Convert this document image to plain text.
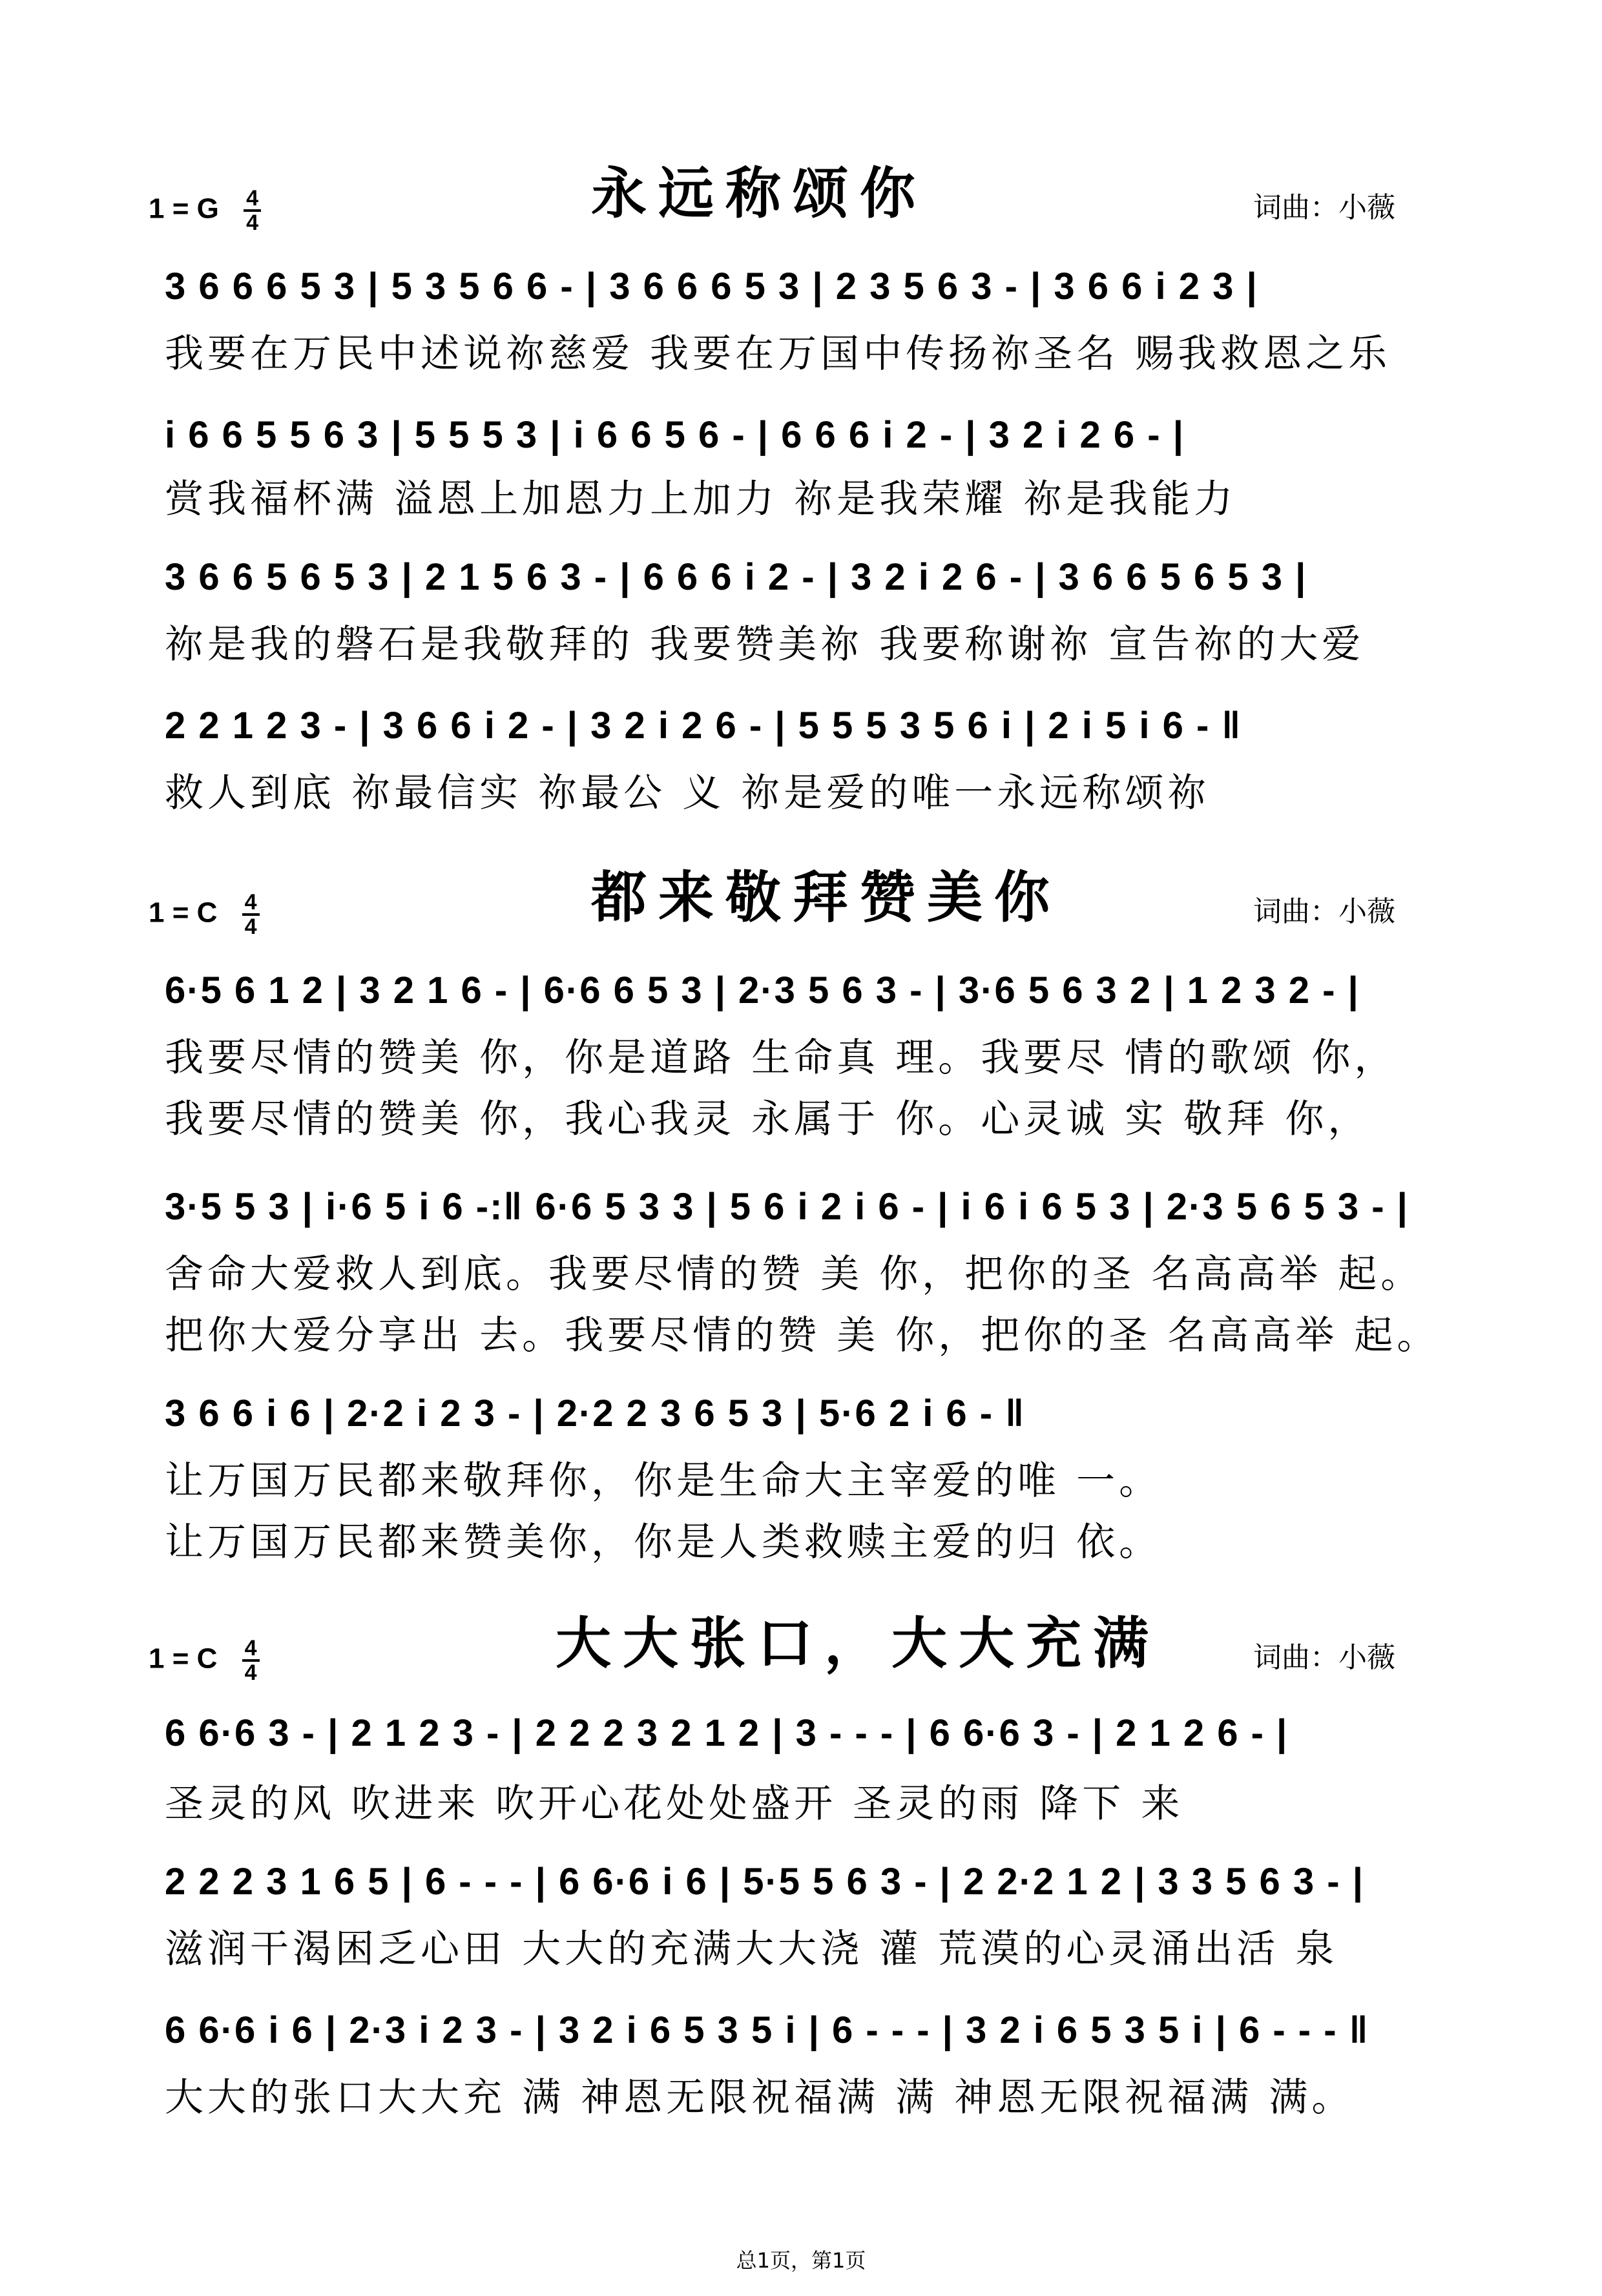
1 = G $\frac{4}{4}$	永远称颂你	词曲：小薇
3 6 6 6 5 3 | 5 3 5 6 6 - | 3 6 6 6 5 3 | 2 3 5 6 3 - | 3 6 6 i 2 3 |
我要在万民中述说祢慈爱 我要在万国中传扬祢圣名 赐我救恩之乐
i 6 6 5 5 6 3 | 5 5 5 3 | i 6 6 5 6 - | 6 6 6 i 2 - | 3 2 i 2 6 - |
赏我福杯满 溢恩上加恩力上加力 祢是我荣耀 祢是我能力
3 6 6 5 6 5 3 | 2 1 5 6 3 - | 6 6 6 i 2 - | 3 2 i 2 6 - | 3 6 6 5 6 5 3 |
祢是我的磐石是我敬拜的 我要赞美祢 我要称谢祢 宣告祢的大爱
2 2 1 2 3 - | 3 6 6 i 2 - | 3 2 i 2 6 - | 5 5 5 3 5 6 i | 2 i 5 i 6 - ‖
救人到底 祢最信实 祢最公 义 祢是爱的唯一永远称颂祢
1 = C $\frac{4}{4}$	都来敬拜赞美你	词曲：小薇
6·5 6 1 2 | 3 2 1 6 - | 6·6 6 5 3 | 2·3 5 6 3 - | 3·6 5 6 3 2 | 1 2 3 2 - |
我要尽情的赞美 你，你是道路 生命真 理。我要尽 情的歌颂 你，
我要尽情的赞美 你，我心我灵 永属于 你。心灵诚 实 敬拜 你，
3·5 5 3 | i·6 5 i 6 -:‖ 6·6 5 3 3 | 5 6 i 2 i 6 - | i 6 i 6 5 3 | 2·3 5 6 5 3 - |
舍命大爱救人到底。我要尽情的赞 美 你，把你的圣 名高高举 起。
把你大爱分享出 去。我要尽情的赞 美 你，把你的圣 名高高举 起。
3 6 6 i 6 | 2·2 i 2 3 - | 2·2 2 3 6 5 3 | 5·6 2 i 6 - ‖
让万国万民都来敬拜你，你是生命大主宰爱的唯 一。
让万国万民都来赞美你，你是人类救赎主爱的归 依。
1 = C $\frac{4}{4}$	大大张口，大大充满	词曲：小薇
6 6·6 3 - | 2 1 2 3 - | 2 2 2 3 2 1 2 | 3 - - - | 6 6·6 3 - | 2 1 2 6 - |
圣灵的风 吹进来 吹开心花处处盛开 圣灵的雨 降下 来
2 2 2 3 1 6 5 | 6 - - - | 6 6·6 i 6 | 5·5 5 6 3 - | 2 2·2 1 2 | 3 3 5 6 3 - |
滋润干渴困乏心田 大大的充满大大浇 灌 荒漠的心灵涌出活 泉
6 6·6 i 6 | 2·3 i 2 3 - | 3 2 i 6 5 3 5 i | 6 - - - | 3 2 i 6 5 3 5 i | 6 - - - ‖
大大的张口大大充 满 神恩无限祝福满 满 神恩无限祝福满 满。
总1页，第1页
